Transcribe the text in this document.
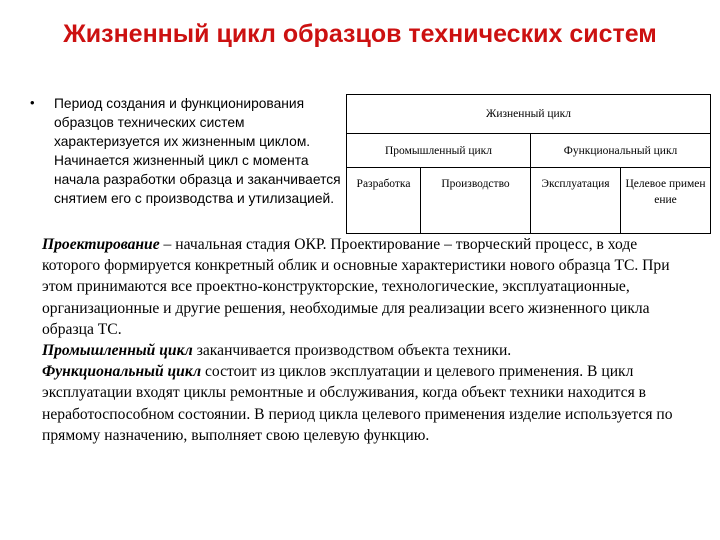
Жизненный цикл образцов технических систем
• Период создания и функционирования образцов технических систем характеризуется их жизненным циклом. Начинается жизненный цикл с момента начала разработки образца и заканчивается снятием его с производства и утилизацией.
Жизненный цикл			
Промышленный цикл		Функциональный цикл	
Разработка	Производство	Эксплуатация	Целевое применение

Проектирование – начальная стадия ОКР. Проектирование – творческий процесс, в ходе которого формируется конкретный облик и основные характеристики нового образца ТС. При этом принимаются все проектно-конструкторские, технологические, эксплуатационные, организационные и другие решения, необходимые для реализации всего жизненного цикла образца ТС.

Промышленный цикл заканчивается производством объекта техники.

Функциональный цикл состоит из циклов эксплуатации и целевого применения. В цикл эксплуатации входят циклы ремонтные и обслуживания, когда объект техники находится в неработоспособном состоянии. В период цикла целевого применения изделие используется по прямому назначению, выполняет свою целевую функцию.
